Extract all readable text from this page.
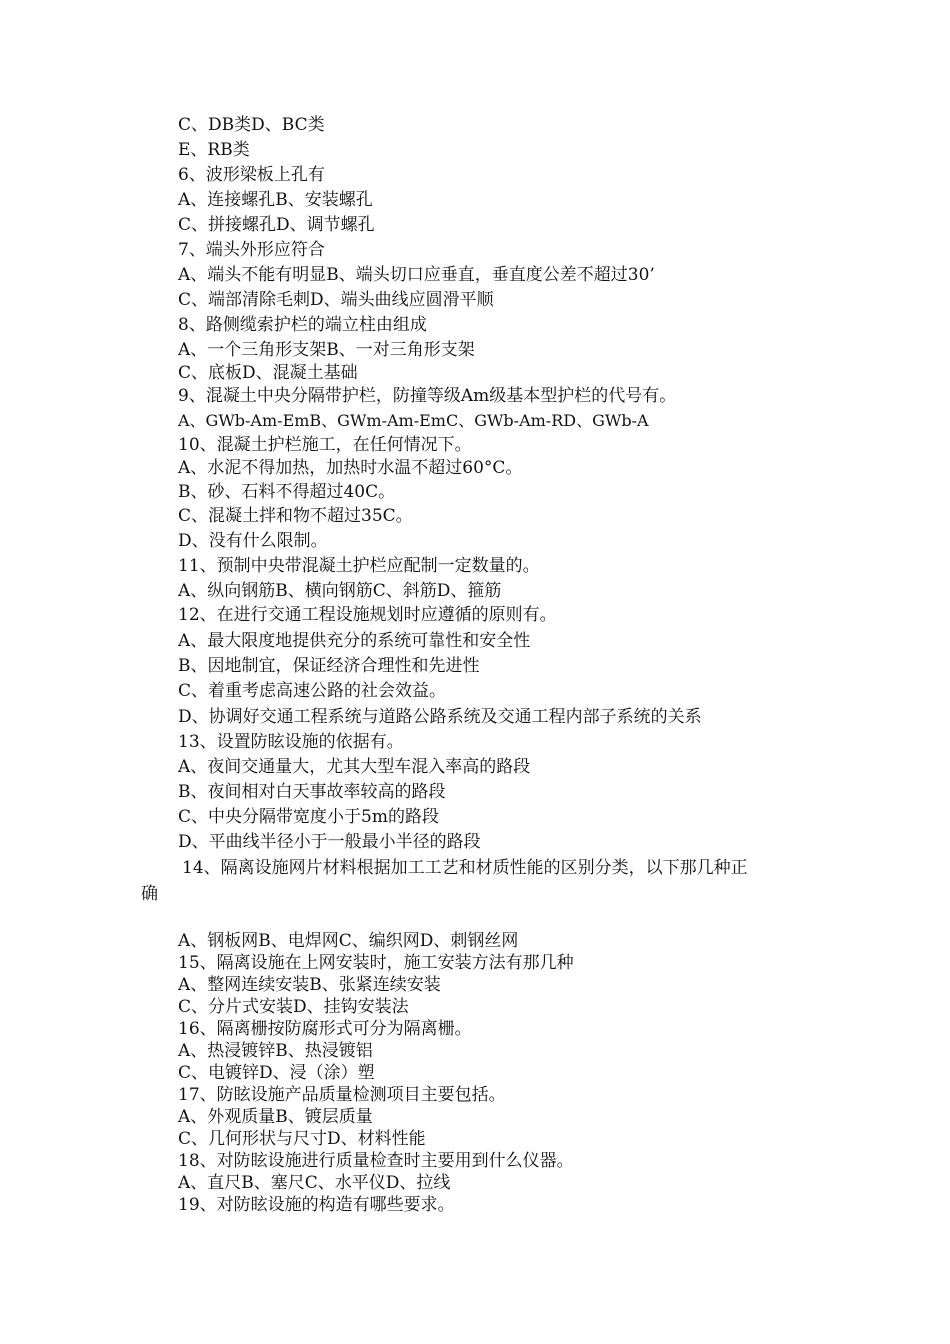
C、DB类D、BC类
E、RB类
6、波形梁板上孔有
A、连接螺孔B、安装螺孔
C、拼接螺孔D、调节螺孔
7、端头外形应符合
A、端头不能有明显B、端头切口应垂直，垂直度公差不超过30’
C、端部清除毛刺D、端头曲线应圆滑平顺
8、路侧缆索护栏的端立柱由组成
A、一个三角形支架B、一对三角形支架
C、底板D、混凝土基础
9、混凝土中央分隔带护栏，防撞等级Am级基本型护栏的代号有。
A、GWb-Am-EmB、GWm-Am-EmC、GWb-Am-RD、GWb-A
10、混凝土护栏施工，在任何情况下。
A、水泥不得加热，加热时水温不超过60°C。
B、砂、石料不得超过40C。
C、混凝土拌和物不超过35C。
D、没有什么限制。
11、预制中央带混凝土护栏应配制一定数量的。
A、纵向钢筋B、横向钢筋C、斜筋D、箍筋
12、在进行交通工程设施规划时应遵循的原则有。
A、最大限度地提供充分的系统可靠性和安全性
B、因地制宜，保证经济合理性和先进性
C、着重考虑高速公路的社会效益。
D、协调好交通工程系统与道路公路系统及交通工程内部子系统的关系
13、设置防眩设施的依据有。
A、夜间交通量大，尤其大型车混入率高的路段
B、夜间相对白天事故率较高的路段
C、中央分隔带宽度小于5m的路段
D、平曲线半径小于一般最小半径的路段
14、隔离设施网片材料根据加工工艺和材质性能的区别分类，以下那几种正
确
A、钢板网B、电焊网C、编织网D、刺钢丝网
15、隔离设施在上网安装时，施工安装方法有那几种
A、整网连续安装B、张紧连续安装
C、分片式安装D、挂钩安装法
16、隔离栅按防腐形式可分为隔离栅。
A、热浸镀锌B、热浸镀铝
C、电镀锌D、浸（涂）塑
17、防眩设施产品质量检测项目主要包括。
A、外观质量B、镀层质量
C、几何形状与尺寸D、材料性能
18、对防眩设施进行质量检查时主要用到什么仪器。
A、直尺B、塞尺C、水平仪D、拉线
19、对防眩设施的构造有哪些要求。
